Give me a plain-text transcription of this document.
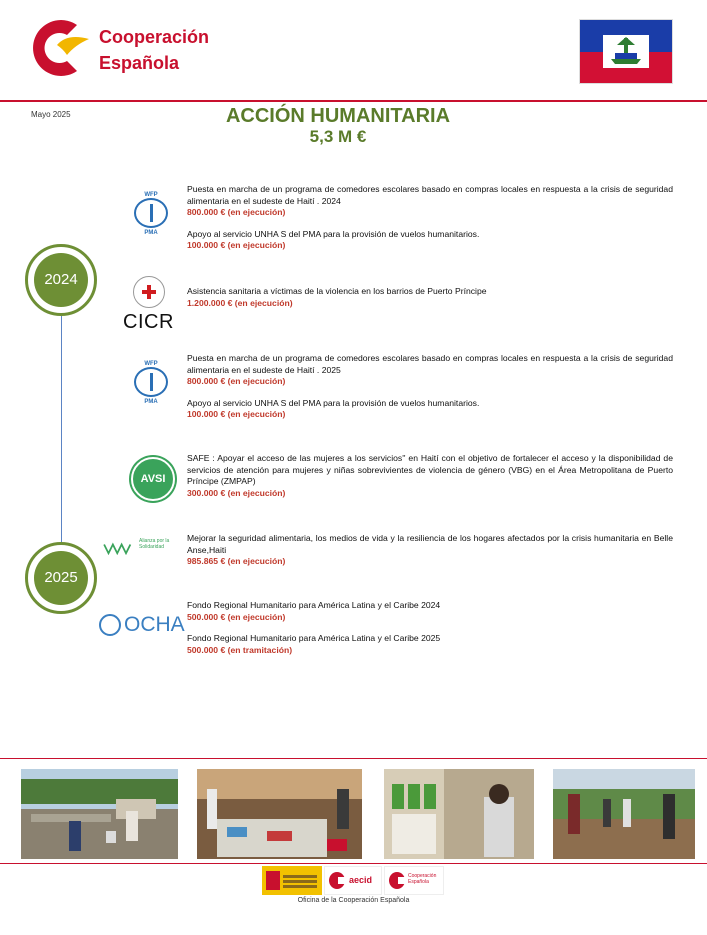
Cooperación
Española
Mayo 2025	ACCIÓN HUMANITARIA
5,3 M €
2024
2025
WFP
PMA
CICR
WFP
PMA
AVSI
Alianza por la Solidaridad
OCHA
Puesta en marcha de un programa de comedores escolares basado en compras locales en respuesta a la crisis de seguridad alimentaria en el sudeste de Haití . 2024
800.000 € (en ejecución)
Apoyo al servicio UNHA S del PMA para la provisión de vuelos humanitarios.
100.000 € (en ejecución)
Asistencia sanitaria a víctimas de la violencia en los barrios de Puerto Príncipe
1.200.000 € (en ejecución)
Puesta en marcha de un programa de comedores escolares basado en compras locales en respuesta a la crisis de seguridad alimentaria en el sudeste de Haití . 2025
800.000 € (en ejecución)
Apoyo al servicio UNHA S del PMA para la provisión de vuelos humanitarios.
100.000 € (en ejecución)
SAFE : Apoyar el acceso de las mujeres a los servicios'' en Haití con el objetivo de fortalecer el acceso y la disponibilidad de servicios de atención para mujeres y niñas sobrevivientes de violencia de género (VBG) en el Área Metropolitana de Puerto Príncipe (ZMPAP)
300.000 € (en ejecución)
Mejorar la seguridad alimentaria, los medios de vida y la resiliencia de los hogares afectados por la crisis humanitaria en Belle Anse,Haiti
985.865 € (en ejecución)
Fondo Regional Humanitario para América Latina y el Caribe 2024
500.000 € (en ejecución)
Fondo Regional Humanitario para América Latina y el Caribe 2025
500.000 € (en tramitación)
aecid	Cooperación Española
Oficina de la Cooperación Española
